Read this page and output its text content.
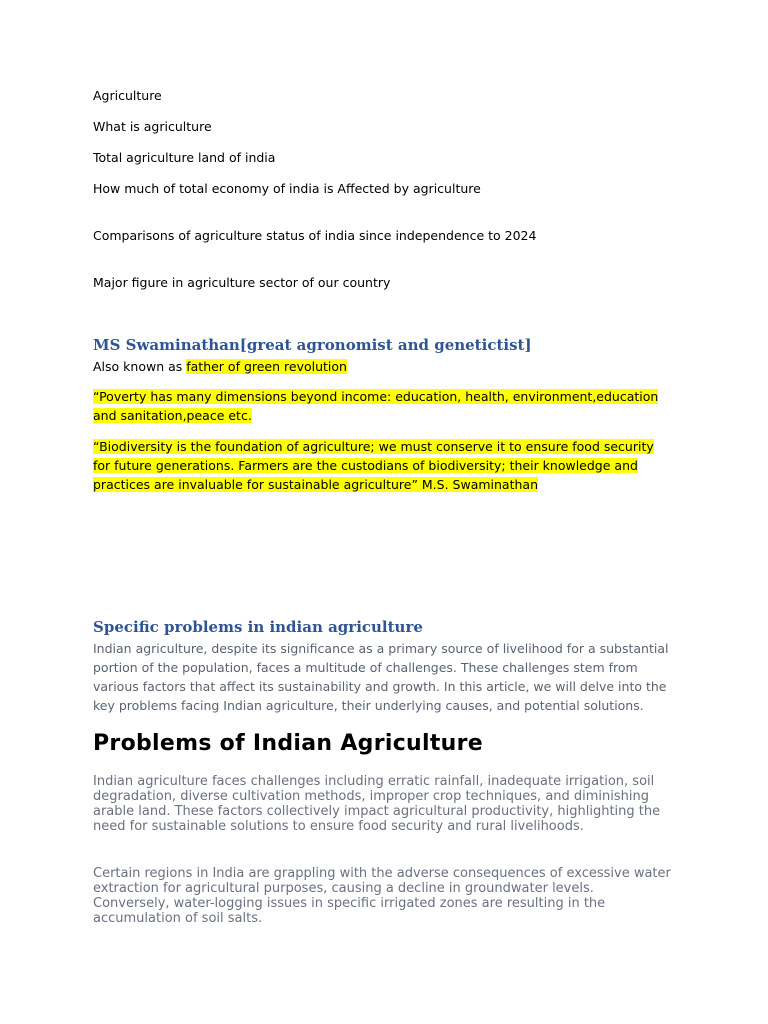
Agriculture
What is agriculture
Total agriculture land of india
How much of total economy of india is Affected by agriculture
Comparisons of agriculture status of india since independence to 2024
Major figure in agriculture sector of our country
MS Swaminathan[great agronomist and genetictist]
Also known as father of green revolution
“Poverty has many dimensions beyond income: education, health, environment,education and sanitation,peace etc.
“Biodiversity is the foundation of agriculture; we must conserve it to ensure food security for future generations. Farmers are the custodians of biodiversity; their knowledge and practices are invaluable for sustainable agriculture” M.S. Swaminathan
Specific problems in indian agriculture
Indian agriculture, despite its significance as a primary source of livelihood for a substantial portion of the population, faces a multitude of challenges. These challenges stem from various factors that affect its sustainability and growth. In this article, we will delve into the key problems facing Indian agriculture, their underlying causes, and potential solutions.
Problems of Indian Agriculture
Indian agriculture faces challenges including erratic rainfall, inadequate irrigation, soil degradation, diverse cultivation methods, improper crop techniques, and diminishing arable land. These factors collectively impact agricultural productivity, highlighting the need for sustainable solutions to ensure food security and rural livelihoods.
Certain regions in India are grappling with the adverse consequences of excessive water extraction for agricultural purposes, causing a decline in groundwater levels. Conversely, water-logging issues in specific irrigated zones are resulting in the accumulation of soil salts.
